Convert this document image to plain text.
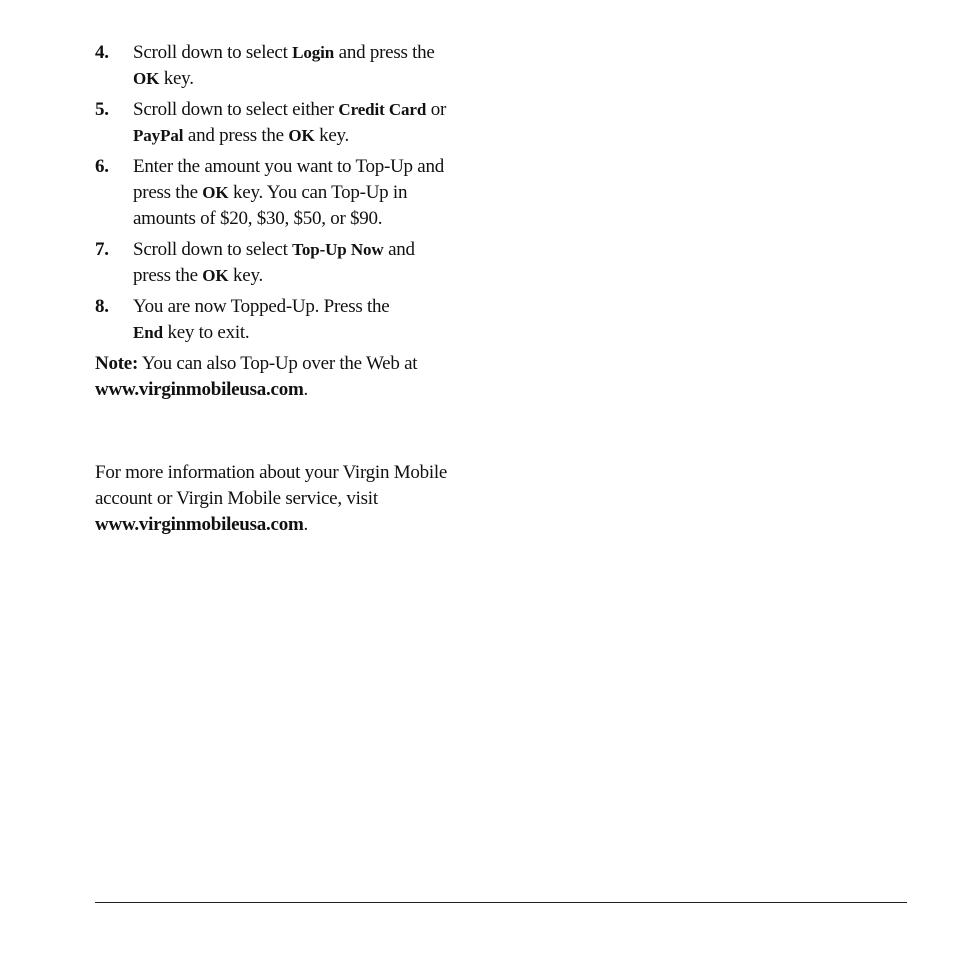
4. Scroll down to select Login and press the
OK key.
5. Scroll down to select either Credit Card or
PayPal and press the OK key.
6. Enter the amount you want to Top-Up and
press the OK key. You can Top-Up in
amounts of $20, $30, $50, or $90.
7. Scroll down to select Top-Up Now and
press the OK key.
8. You are now Topped-Up. Press the
End key to exit.
Note: You can also Top-Up over the Web at
www.virginmobileusa.com.
For more information about your Virgin Mobile
account or Virgin Mobile service, visit
www.virginmobileusa.com.
